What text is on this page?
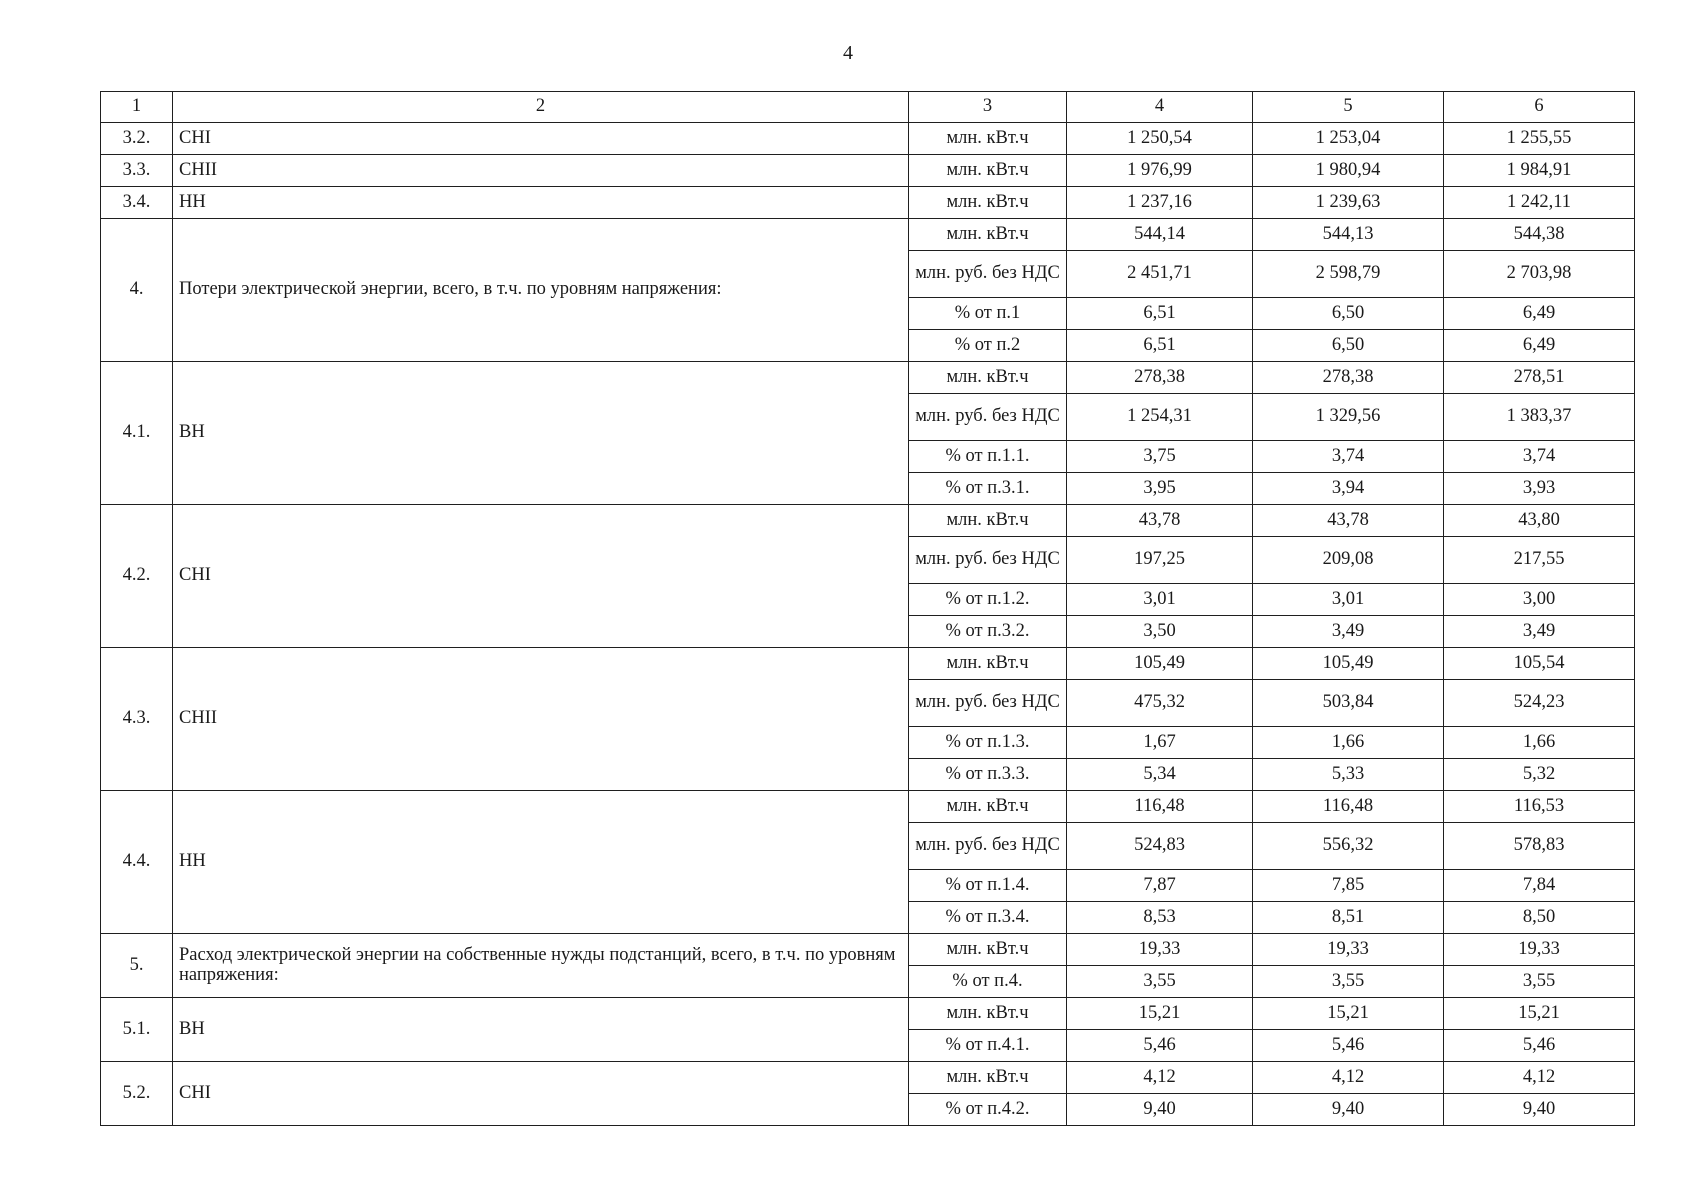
4
1	2	3	4	5	6
3.2.	СНI	млн. кВт.ч	1 250,54	1 253,04	1 255,55
3.3.	СНII	млн. кВт.ч	1 976,99	1 980,94	1 984,91
3.4.	НН	млн. кВт.ч	1 237,16	1 239,63	1 242,11
4.	Потери электрической энергии, всего, в т.ч. по уровням напряжения:	млн. кВт.ч	544,14	544,13	544,38
		млн. руб. без НДС	2 451,71	2 598,79	2 703,98
		% от п.1	6,51	6,50	6,49
		% от п.2	6,51	6,50	6,49
4.1.	ВН	млн. кВт.ч	278,38	278,38	278,51
		млн. руб. без НДС	1 254,31	1 329,56	1 383,37
		% от п.1.1.	3,75	3,74	3,74
		% от п.3.1.	3,95	3,94	3,93
4.2.	СНI	млн. кВт.ч	43,78	43,78	43,80
		млн. руб. без НДС	197,25	209,08	217,55
		% от п.1.2.	3,01	3,01	3,00
		% от п.3.2.	3,50	3,49	3,49
4.3.	СНII	млн. кВт.ч	105,49	105,49	105,54
		млн. руб. без НДС	475,32	503,84	524,23
		% от п.1.3.	1,67	1,66	1,66
		% от п.3.3.	5,34	5,33	5,32
4.4.	НН	млн. кВт.ч	116,48	116,48	116,53
		млн. руб. без НДС	524,83	556,32	578,83
		% от п.1.4.	7,87	7,85	7,84
		% от п.3.4.	8,53	8,51	8,50
5.	Расход электрической энергии на собственные нужды подстанций, всего, в т.ч. по уровням напряжения:	млн. кВт.ч	19,33	19,33	19,33
		% от п.4.	3,55	3,55	3,55
5.1.	ВН	млн. кВт.ч	15,21	15,21	15,21
		% от п.4.1.	5,46	5,46	5,46
5.2.	СНI	млн. кВт.ч	4,12	4,12	4,12
		% от п.4.2.	9,40	9,40	9,40
